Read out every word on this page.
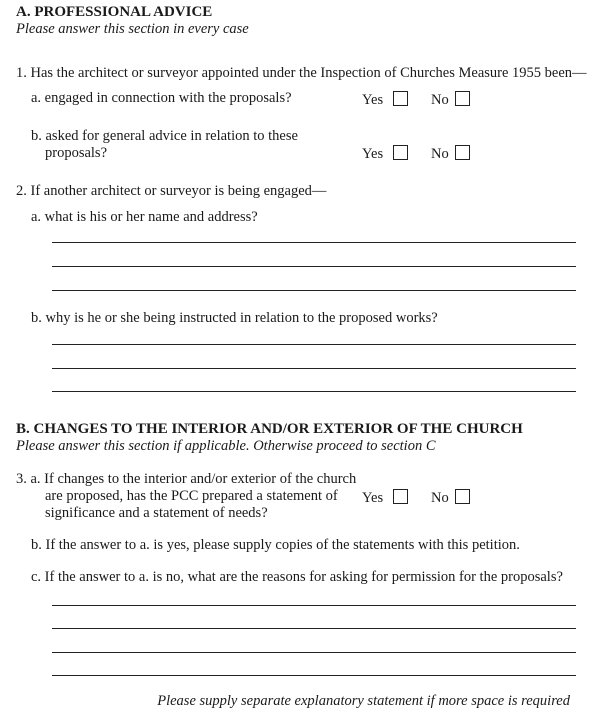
A. PROFESSIONAL ADVICE
Please answer this section in every case
1. Has the architect or surveyor appointed under the Inspection of Churches Measure 1955 been—
a. engaged in connection with the proposals?	Yes	No
b. asked for general advice in relation to these
proposals?	Yes	No
2. If another architect or surveyor is being engaged—
a. what is his or her name and address?
b. why is he or she being instructed in relation to the proposed works?
B. CHANGES TO THE INTERIOR AND/OR EXTERIOR OF THE CHURCH
Please answer this section if applicable. Otherwise proceed to section C
3. a. If changes to the interior and/or exterior of the church
are proposed, has the PCC prepared a statement of
significance and a statement of needs?
Yes	No
b. If the answer to a. is yes, please supply copies of the statements with this petition.
c. If the answer to a. is no, what are the reasons for asking for permission for the proposals?
Please supply separate explanatory statement if more space is required
